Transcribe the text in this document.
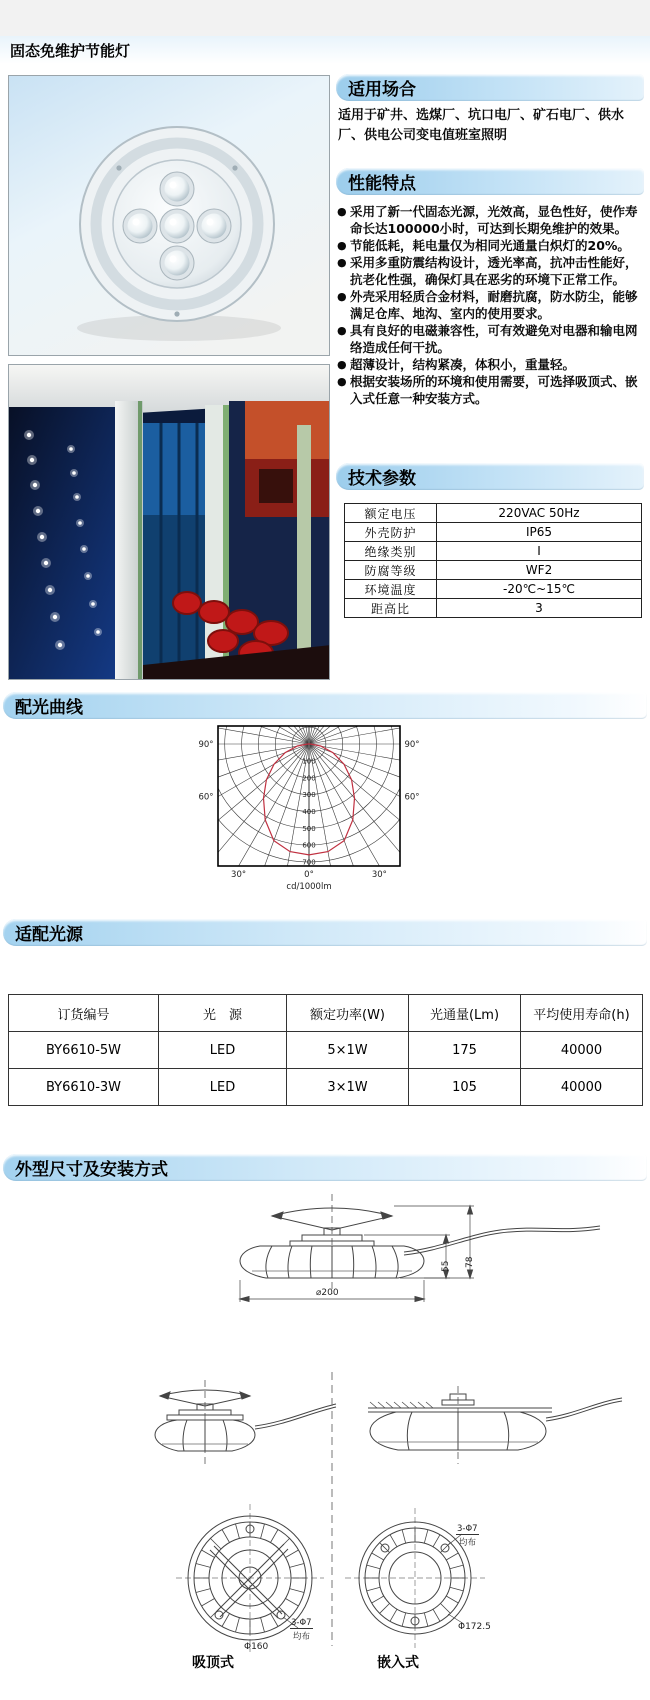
固态免维护节能灯
适用场合
适用于矿井、选煤厂、坑口电厂、矿石电厂、供水厂、供电公司变电值班室照明
性能特点
● 采用了新一代固态光源，光效高，显色性好，使作寿命长达100000小时，可达到长期免维护的效果。
● 节能低耗，耗电量仅为相同光通量白炽灯的20%。
● 采用多重防震结构设计，透光率高，抗冲击性能好，抗老化性强，确保灯具在恶劣的环境下正常工作。
● 外壳采用轻质合金材料，耐磨抗腐，防水防尘，能够满足仓库、地沟、室内的使用要求。
● 具有良好的电磁兼容性，可有效避免对电器和输电网络造成任何干扰。
● 超薄设计，结构紧凑，体积小，重量轻。
● 根据安装场所的环境和使用需要，可选择吸顶式、嵌入式任意一种安装方式。
技术参数
额定电压	220VAC 50Hz
外壳防护	IP65
绝缘类别	I
防腐等级	WF2
环境温度	-20℃~15℃
距高比	3
配光曲线
100
200
300
400
500
600
700
90°	90°
60°	60°
30°	30°
0°
cd/1000lm
适配光源
订货编号	光　源	额定功率(W)	光通量(Lm)	平均使用寿命(h)
BY6610-5W	LED	5×1W	175	40000
BY6610-3W	LED	3×1W	105	40000
外型尺寸及安装方式
55 78
⌀200
3-Φ7
均布
Φ160
3-Φ7
均布
Φ172.5
吸顶式	嵌入式
